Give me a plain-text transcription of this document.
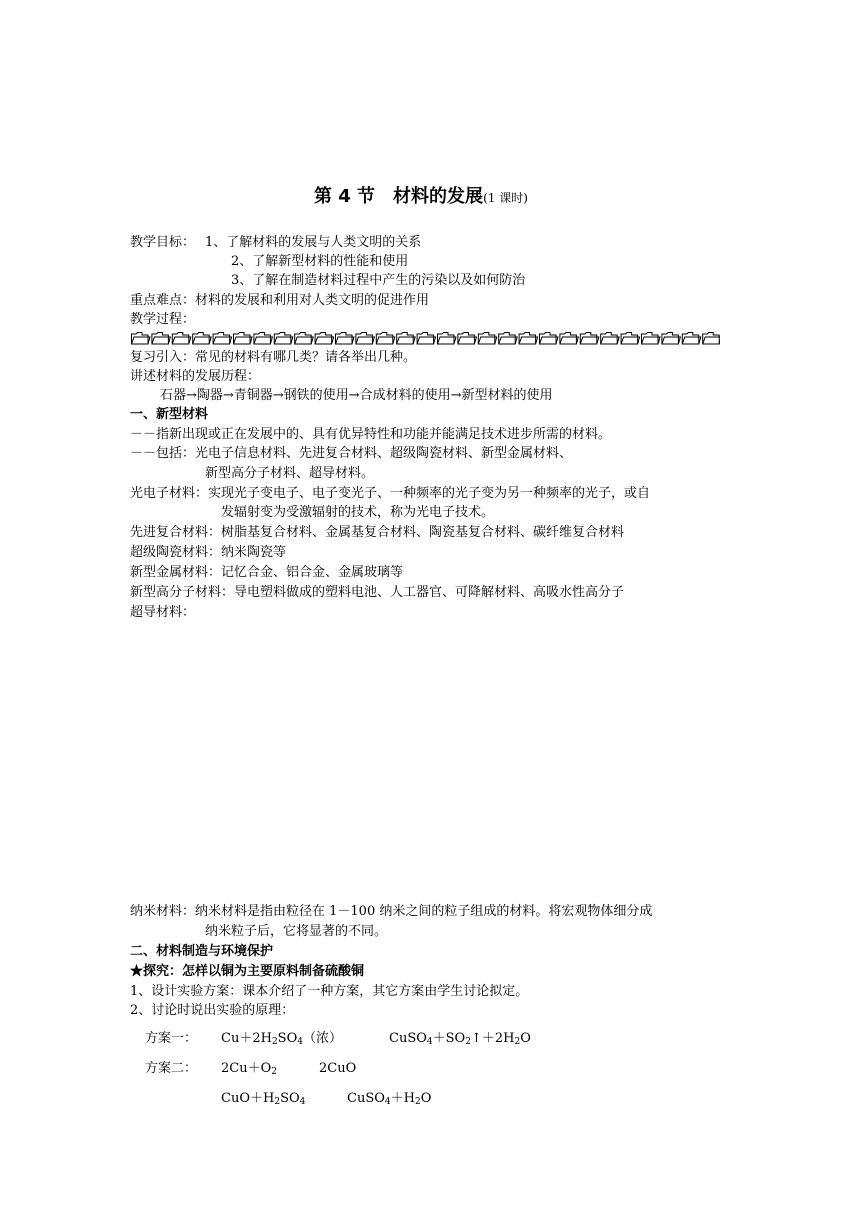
第 4 节　材料的发展(1 课时)
教学目标： 1、了解材料的发展与人类文明的关系
2、了解新型材料的性能和使用
3、了解在制造材料过程中产生的污染以及如何防治
重点难点：材料的发展和利用对人类文明的促进作用
教学过程：
复习引入：常见的材料有哪几类？请各举出几种。
讲述材料的发展历程：
石器→陶器→青铜器→钢铁的使用→合成材料的使用→新型材料的使用
一、新型材料
－－指新出现或正在发展中的、具有优异特性和功能并能满足技术进步所需的材料。
－－包括：光电子信息材料、先进复合材料、超级陶瓷材料、新型金属材料、
新型高分子材料、超导材料。
光电子材料：实现光子变电子、电子变光子、一种频率的光子变为另一种频率的光子，或自
发辐射变为受激辐射的技术，称为光电子技术。
先进复合材料：树脂基复合材料、金属基复合材料、陶瓷基复合材料、碳纤维复合材料
超级陶瓷材料：纳米陶瓷等
新型金属材料：记忆合金、铝合金、金属玻璃等
新型高分子材料：导电塑料做成的塑料电池、人工器官、可降解材料、高吸水性高分子
超导材料：
纳米材料：纳米材料是指由粒径在 1－100 纳米之间的粒子组成的材料。将宏观物体细分成
纳米粒子后，它将显著的不同。
二、材料制造与环境保护
★探究：怎样以铜为主要原料制备硫酸铜
1、设计实验方案：课本介绍了一种方案，其它方案由学生讨论拟定。
2、讨论时说出实验的原理：
方案一： $Cu+2H_2SO_4$（浓）	$CuSO_4+SO_2↑+2H_2O$
方案二： $2Cu+O_2$	2CuO
$CuO+H_2SO_4$	$CuSO_4+H_2O$
